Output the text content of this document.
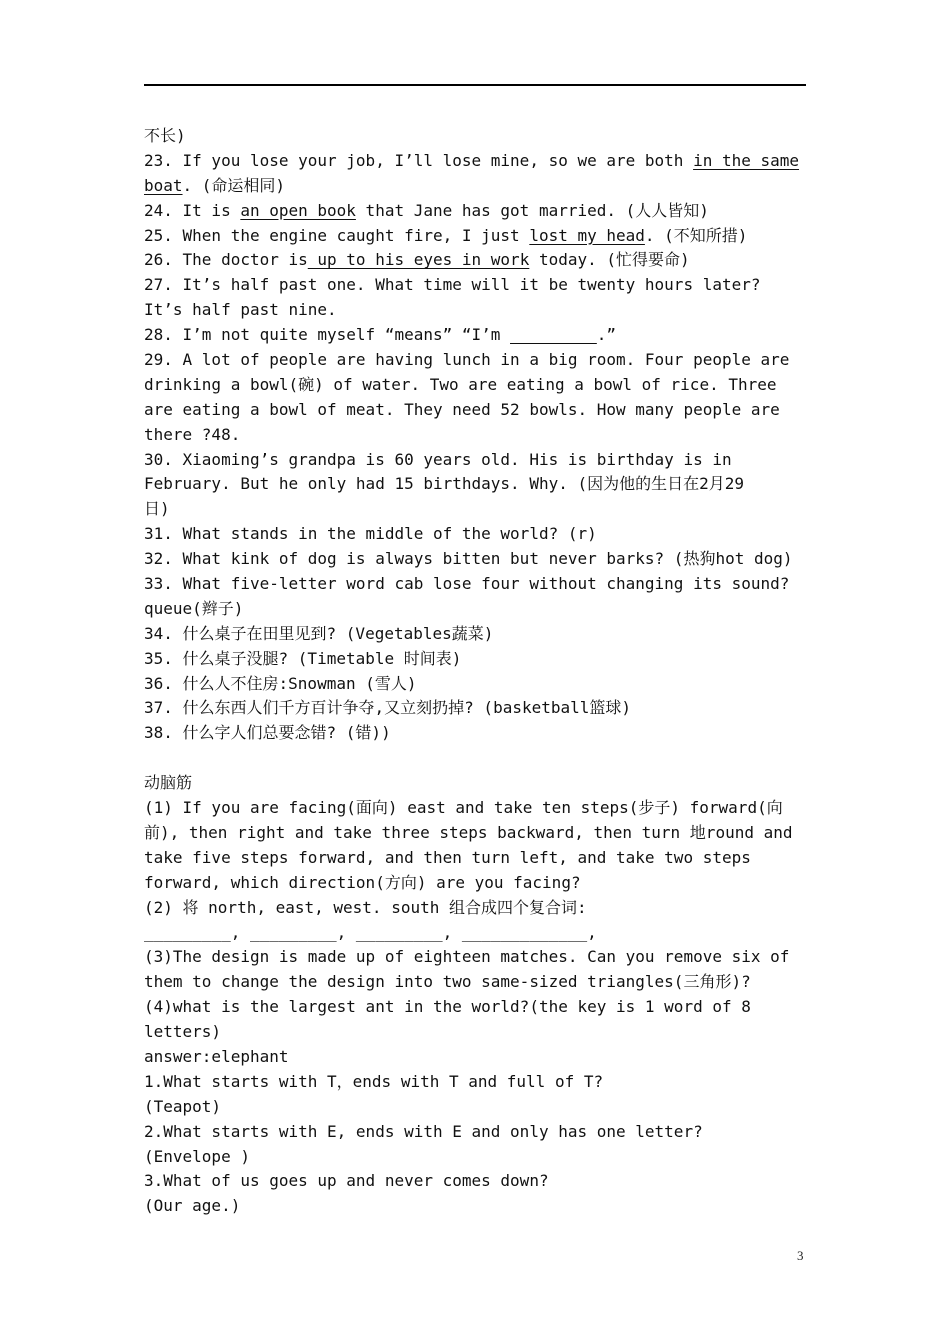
不长)
23. If you lose your job, I’ll lose mine, so we are both in the same
boat. (命运相同)
24. It is an open book that Jane has got married. (人人皆知)
25. When the engine caught fire, I just lost my head. (不知所措)
26. The doctor is up to his eyes in work today. (忙得要命)
27. It’s half past one. What time will it be twenty hours later?
It’s half past nine.
28. I’m not quite myself “means” “I’m _________.”
29. A lot of people are having lunch in a big room. Four people are
drinking a bowl(碗) of water. Two are eating a bowl of rice. Three
are eating a bowl of meat. They need 52 bowls. How many people are
there ?48.
30. Xiaoming’s grandpa is 60 years old. His is birthday is in
February. But he only had 15 birthdays. Why. (因为他的生日在2月29
日)
31. What stands in the middle of the world? (r)
32. What kink of dog is always bitten but never barks? (热狗hot dog)
33. What five-letter word cab lose four without changing its sound?
queue(辫子)
34. 什么桌子在田里见到? (Vegetables蔬菜)
35. 什么桌子没腿? (Timetable 时间表)
36. 什么人不住房:Snowman (雪人)
37. 什么东西人们千方百计争夺,又立刻扔掉? (basketball篮球)
38. 什么字人们总要念错? (错))
动脑筋
(1) If you are facing(面向) east and take ten steps(步子) forward(向
前), then right and take three steps backward, then turn 地round and
take five steps forward, and then turn left, and take two steps
forward, which direction(方向) are you facing?
(2) 将 north, east, west. south 组合成四个复合词:
_________, _________, _________, _____________,
(3)The design is made up of eighteen matches. Can you remove six of
them to change the design into two same-sized triangles(三角形)?
(4)what is the largest ant in the world?(the key is 1 word of 8
letters)
answer:elephant
1.What starts with T，ends with T and full of T?
(Teapot)
2.What starts with E, ends with E and only has one letter?
(Envelope )
3.What of us goes up and never comes down?
(Our age.)
3
